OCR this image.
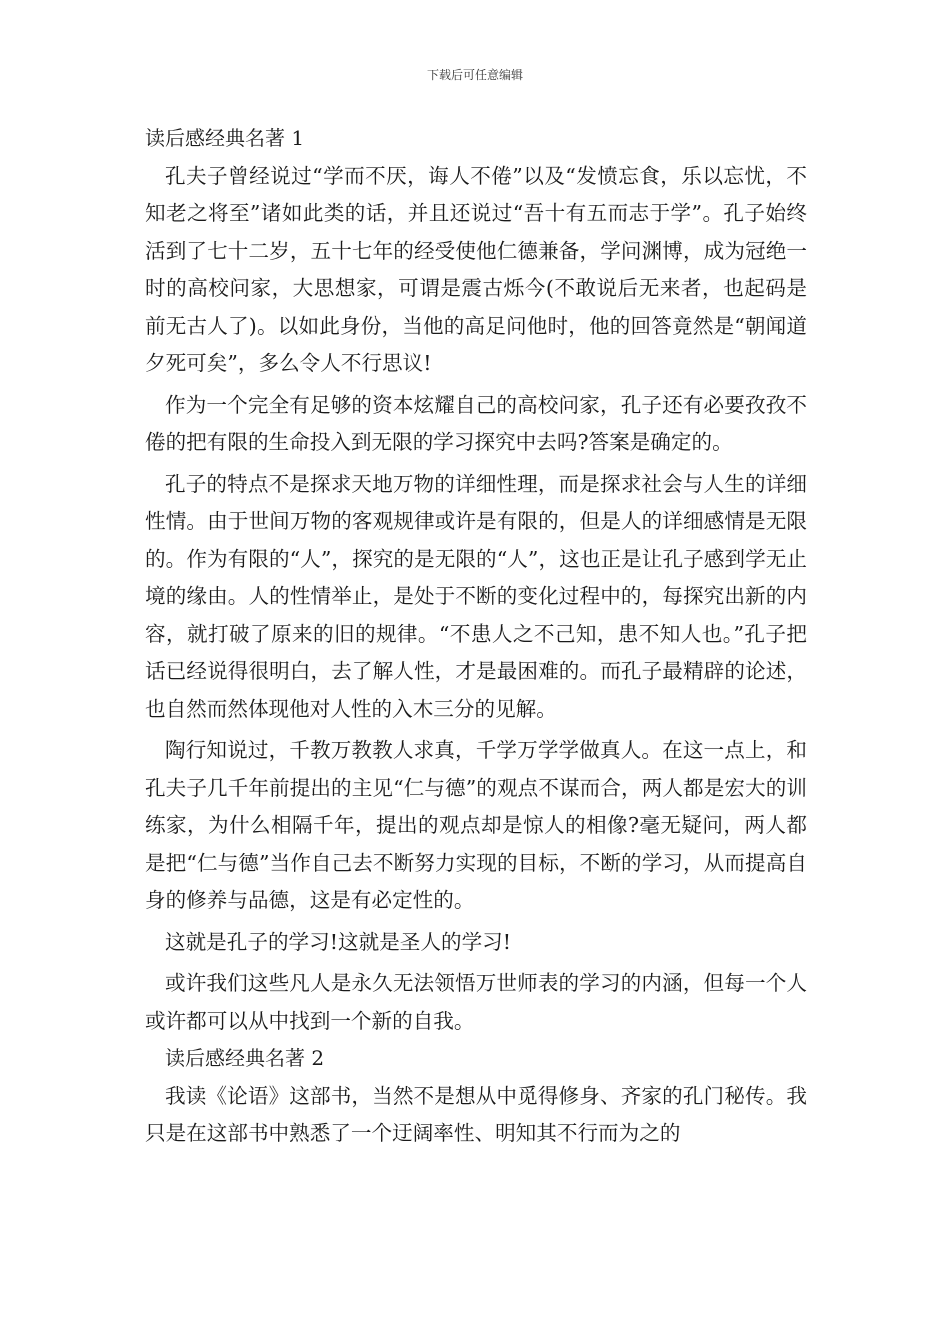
下载后可任意编辑
读后感经典名著 1

孔夫子曾经说过“学而不厌，诲人不倦”以及“发愤忘食，乐以忘忧，不知老之将至”诸如此类的话，并且还说过“吾十有五而志于学”。孔子始终活到了七十二岁，五十七年的经受使他仁德兼备，学问渊博，成为冠绝一时的高校问家，大思想家，可谓是震古烁今(不敢说后无来者，也起码是前无古人了)。以如此身份，当他的高足问他时，他的回答竟然是“朝闻道夕死可矣”，多么令人不行思议!

作为一个完全有足够的资本炫耀自己的高校问家，孔子还有必要孜孜不倦的把有限的生命投入到无限的学习探究中去吗?答案是确定的。

孔子的特点不是探求天地万物的详细性理，而是探求社会与人生的详细性情。由于世间万物的客观规律或许是有限的，但是人的详细感情是无限的。作为有限的“人”，探究的是无限的“人”，这也正是让孔子感到学无止境的缘由。人的性情举止，是处于不断的变化过程中的，每探究出新的内容，就打破了原来的旧的规律。“不患人之不己知，患不知人也。”孔子把话已经说得很明白，去了解人性，才是最困难的。而孔子最精辟的论述，也自然而然体现他对人性的入木三分的见解。

陶行知说过，千教万教教人求真，千学万学学做真人。在这一点上，和孔夫子几千年前提出的主见“仁与德”的观点不谋而合，两人都是宏大的训练家，为什么相隔千年，提出的观点却是惊人的相像?毫无疑问，两人都是把“仁与德”当作自己去不断努力实现的目标，不断的学习，从而提高自身的修养与品德，这是有必定性的。

这就是孔子的学习!这就是圣人的学习!

或许我们这些凡人是永久无法领悟万世师表的学习的内涵，但每一个人或许都可以从中找到一个新的自我。

读后感经典名著 2

我读《论语》这部书，当然不是想从中觅得修身、齐家的孔门秘传。我只是在这部书中熟悉了一个迂阔率性、明知其不行而为之的
